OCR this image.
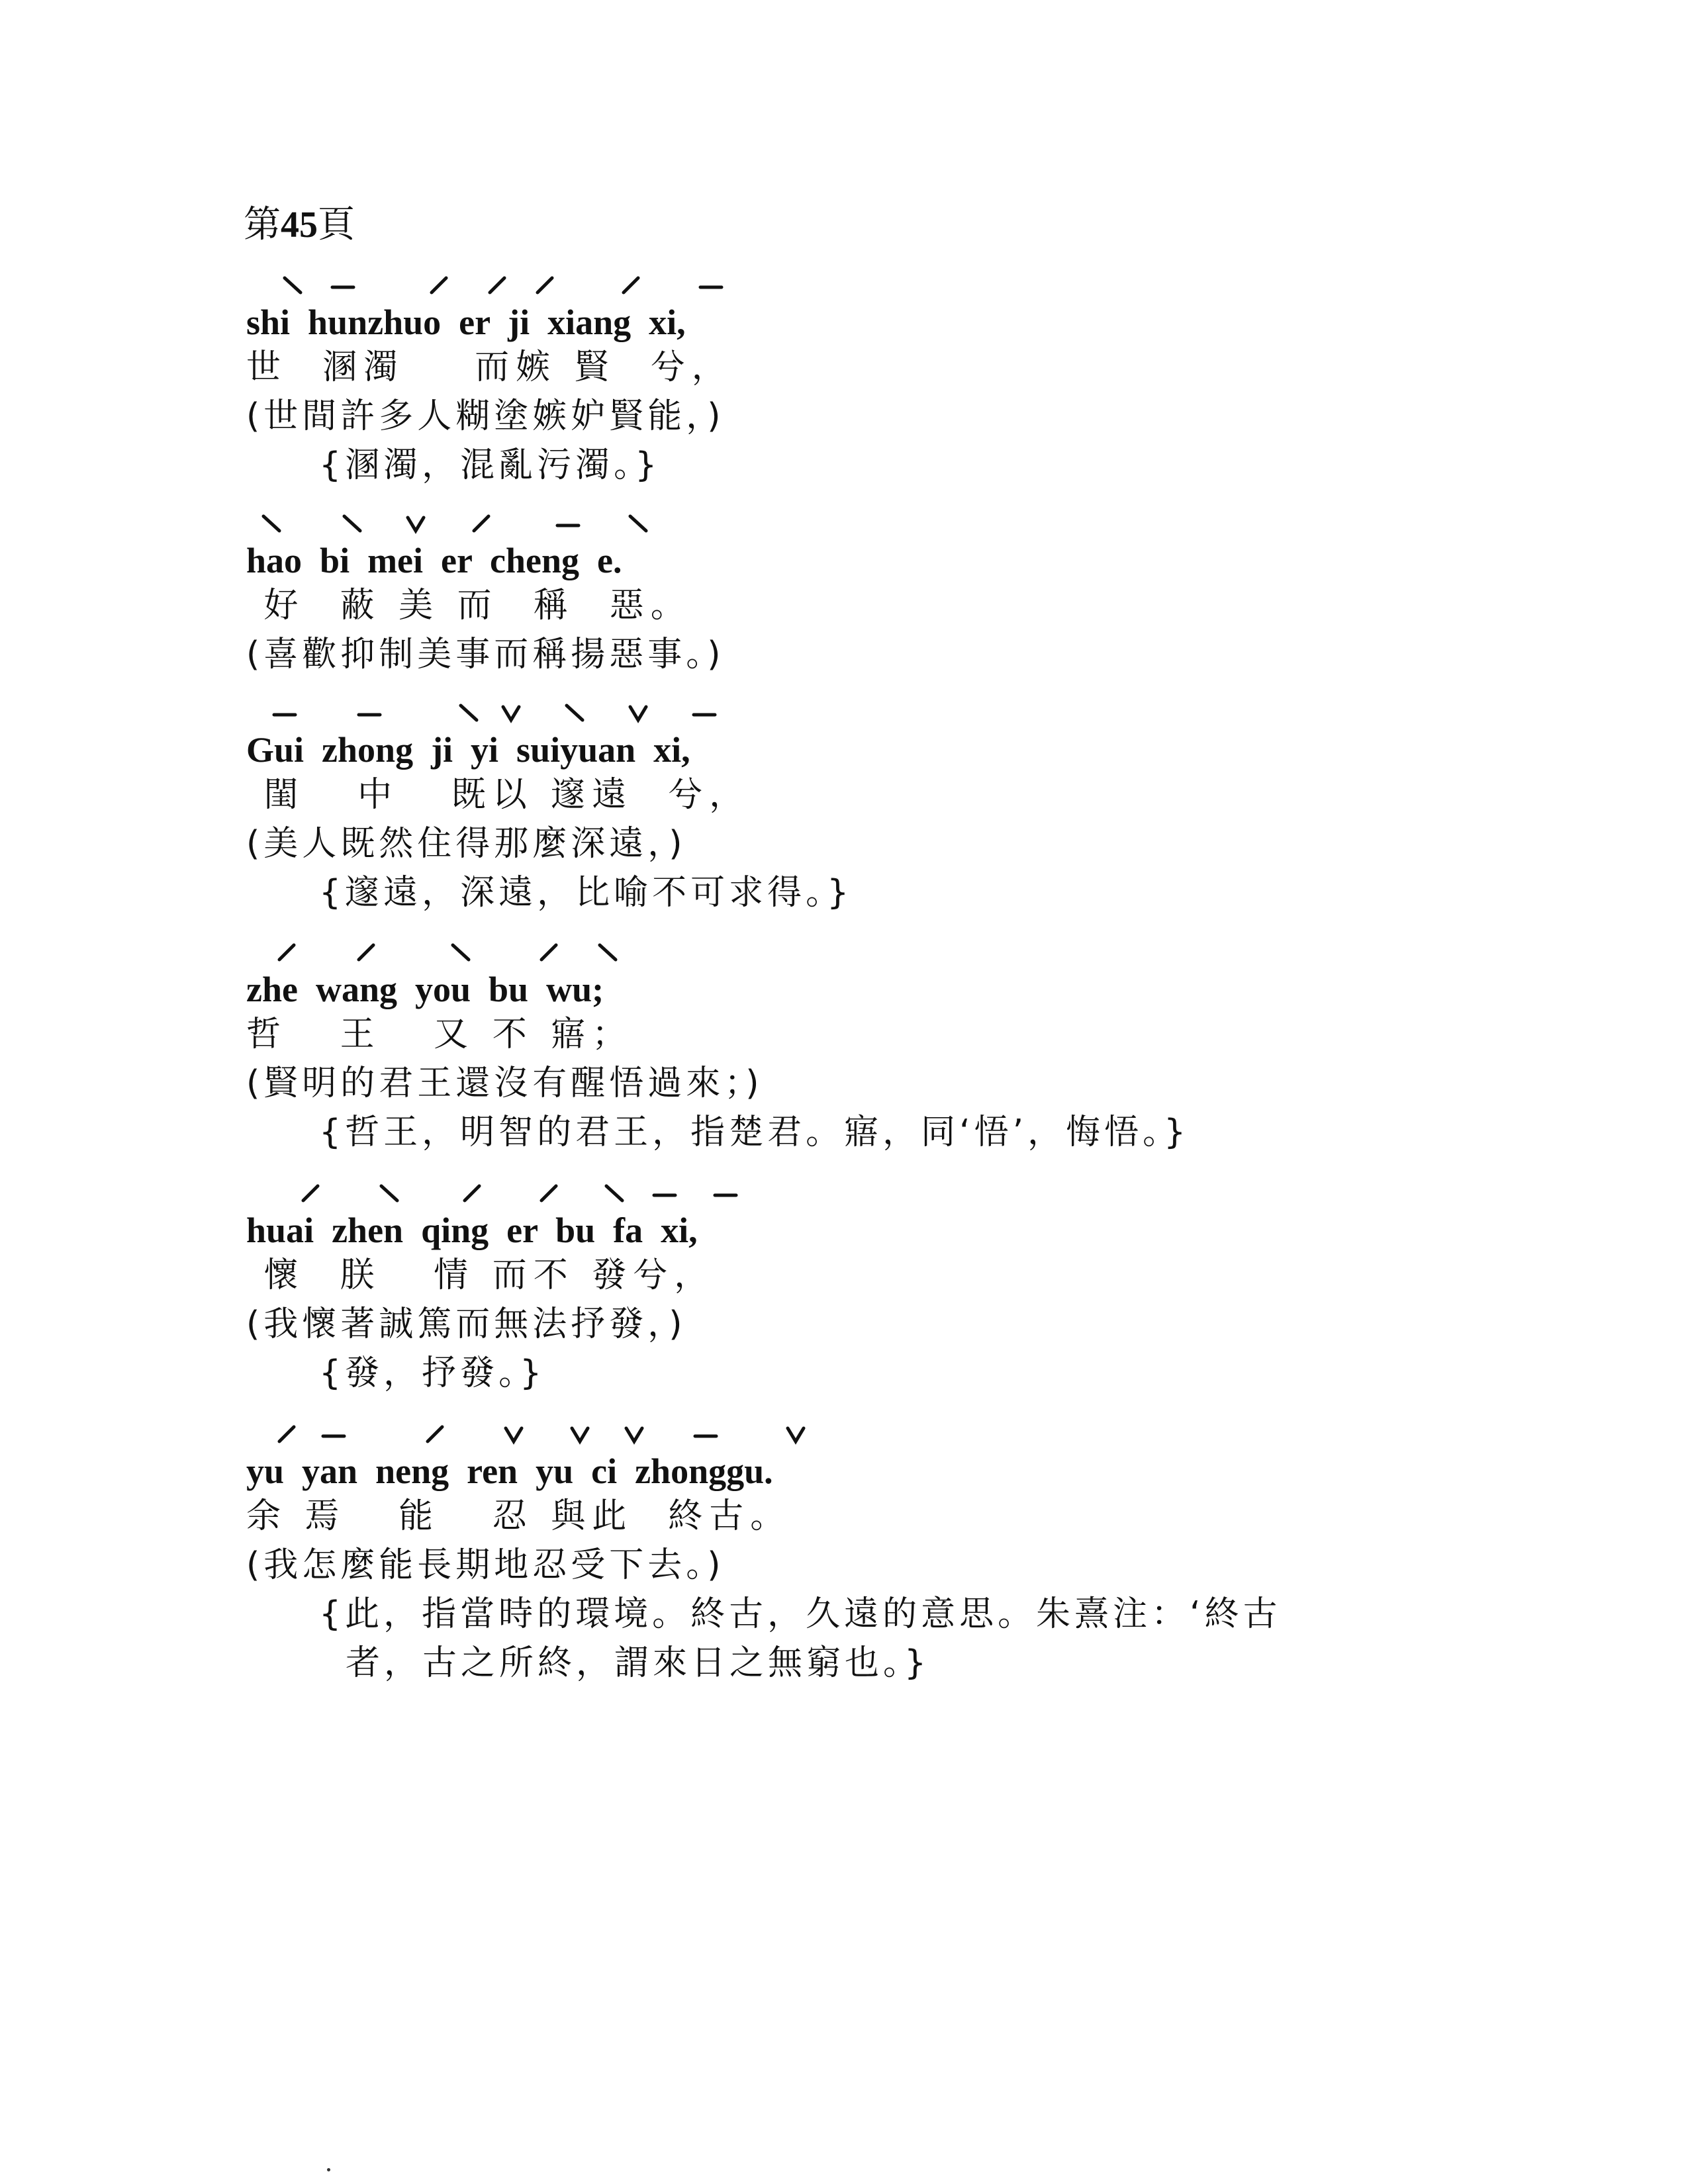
第45頁
shi  hunzhuo  er  ji  xiang  xi,
世  溷濁    而嫉 賢  兮，
(世間許多人糊塗嫉妒賢能，)
{溷濁，混亂污濁。}
hao  bi  mei  er  cheng  e.
好  蔽 美 而  稱  惡。
(喜歡抑制美事而稱揚惡事。)
Gui  zhong  ji  yi  suiyuan  xi,
閨   中   既以 邃遠  兮，
(美人既然住得那麼深遠，)
{邃遠，深遠，比喻不可求得。}
zhe  wang  you  bu  wu;
哲   王   又 不 寤；
(賢明的君王還沒有醒悟過來；)
{哲王，明智的君王，指楚君。寤，同‘悟’，悔悟。}
huai  zhen  qing  er  bu  fa  xi,
懷  朕   情 而不 發兮，
(我懷著誠篤而無法抒發，)
{發，抒發。}
yu  yan  neng  ren  yu  ci  zhonggu.
余 焉   能   忍 與此  終古。
(我怎麼能長期地忍受下去。)
{此，指當時的環境。終古，久遠的意思。朱熹注：‘終古
者，古之所終，謂來日之無窮也。}
